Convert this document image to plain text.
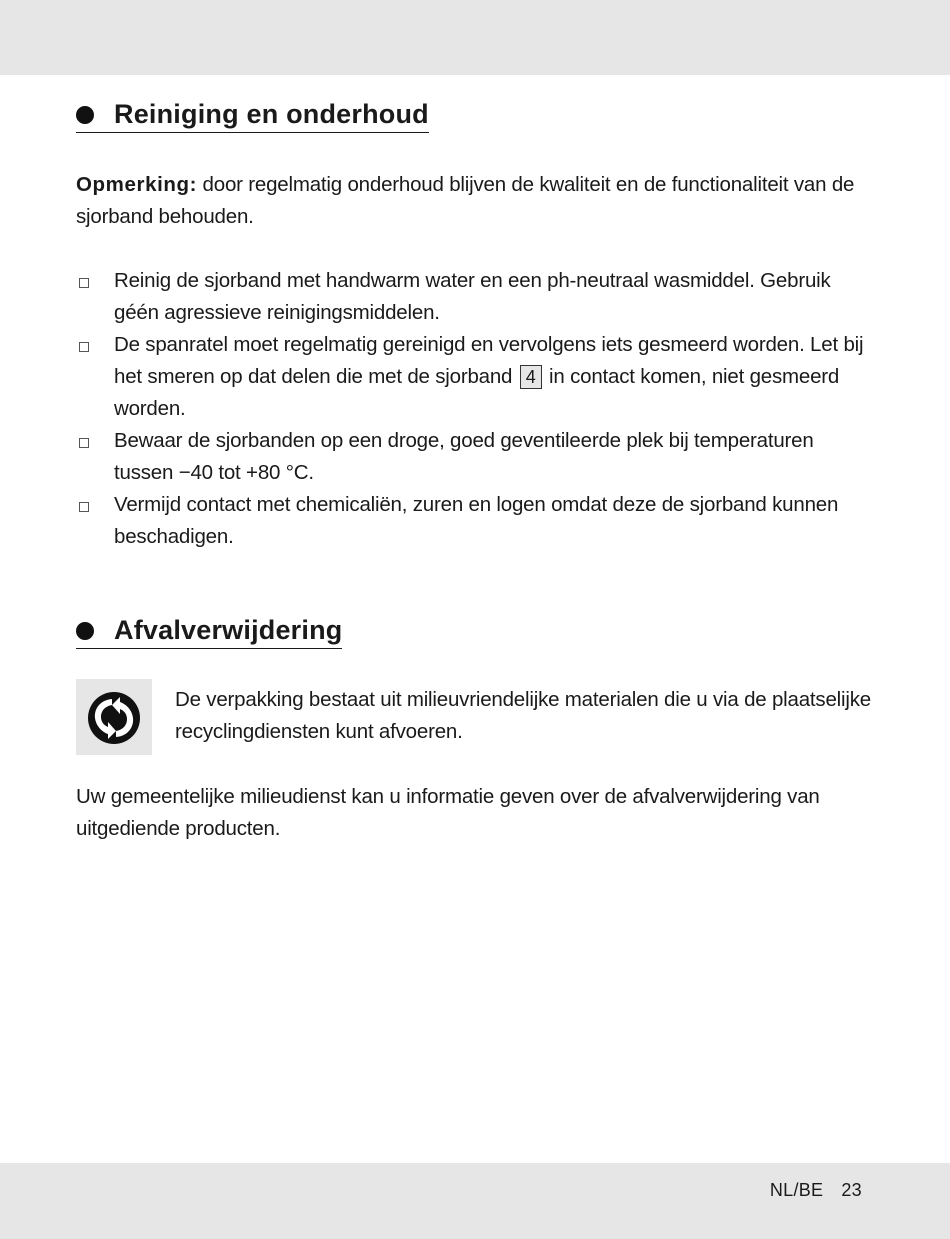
Reiniging en onderhoud
Opmerking: door regelmatig onderhoud blijven de kwaliteit en de functionaliteit van de sjorband behouden.
Reinig de sjorband met handwarm water en een ph-neutraal wasmiddel. Gebruik géén agressieve reinigingsmiddelen.
De spanratel moet regelmatig gereinigd en vervolgens iets gesmeerd worden. Let bij het smeren op dat delen die met de sjorband 4 in contact komen, niet gesmeerd worden.
Bewaar de sjorbanden op een droge, goed geventileerde plek bij temperaturen tussen −40 tot +80 °C.
Vermijd contact met chemicaliën, zuren en logen omdat deze de sjorband kunnen beschadigen.
Afvalverwijdering
De verpakking bestaat uit milieuvriendelijke materialen die u via de plaatselijke recyclingdiensten kunt afvoeren.
Uw gemeentelijke milieudienst kan u informatie geven over de afvalverwijdering van uitgediende producten.
NL/BE 23
